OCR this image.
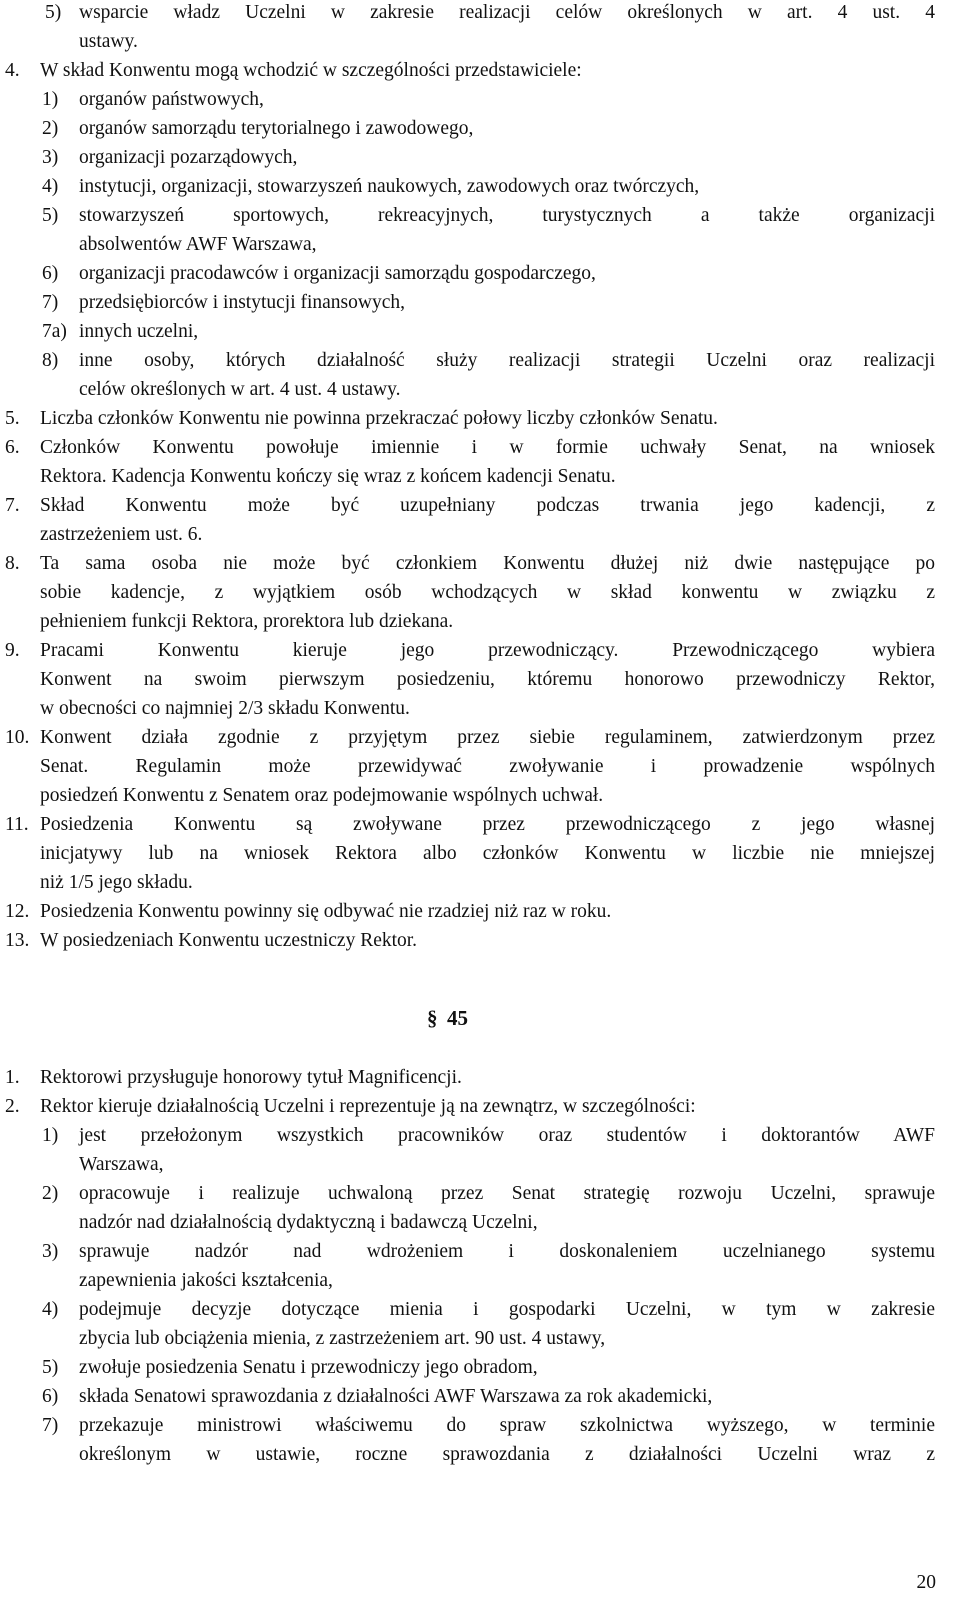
5) wsparcie władz Uczelni w zakresie realizacji celów określonych w art. 4 ust. 4
ustawy.
4. W skład Konwentu mogą wchodzić w szczególności przedstawiciele:
1) organów państwowych,
2) organów samorządu terytorialnego i zawodowego,
3) organizacji pozarządowych,
4) instytucji, organizacji, stowarzyszeń naukowych, zawodowych oraz twórczych,
5) stowarzyszeń sportowych, rekreacyjnych, turystycznych a także organizacji
absolwentów AWF Warszawa,
6) organizacji pracodawców i organizacji samorządu gospodarczego,
7) przedsiębiorców i instytucji finansowych,
7a) innych uczelni,
8) inne osoby, których działalność służy realizacji strategii Uczelni oraz realizacji
celów określonych w art. 4 ust. 4 ustawy.
5. Liczba członków Konwentu nie powinna przekraczać połowy liczby członków Senatu.
6. Członków Konwentu powołuje imiennie i w formie uchwały Senat, na wniosek
Rektora. Kadencja Konwentu kończy się wraz z końcem kadencji Senatu.
7. Skład Konwentu może być uzupełniany podczas trwania jego kadencji, z
zastrzeżeniem ust. 6.
8. Ta sama osoba nie może być członkiem Konwentu dłużej niż dwie następujące po
sobie kadencje, z wyjątkiem osób wchodzących w skład konwentu w związku z
pełnieniem funkcji Rektora, prorektora lub dziekana.
9. Pracami Konwentu kieruje jego przewodniczący. Przewodniczącego wybiera
Konwent na swoim pierwszym posiedzeniu, któremu honorowo przewodniczy Rektor,
w obecności co najmniej 2/3 składu Konwentu.
10. Konwent działa zgodnie z przyjętym przez siebie regulaminem, zatwierdzonym przez
Senat. Regulamin może przewidywać zwoływanie i prowadzenie wspólnych
posiedzeń Konwentu z Senatem oraz podejmowanie wspólnych uchwał.
11. Posiedzenia Konwentu są zwoływane przez przewodniczącego z jego własnej
inicjatywy lub na wniosek Rektora albo członków Konwentu w liczbie nie mniejszej
niż 1/5 jego składu.
12. Posiedzenia Konwentu powinny się odbywać nie rzadziej niż raz w roku.
13. W posiedzeniach Konwentu uczestniczy Rektor.
§ 45
1. Rektorowi przysługuje honorowy tytuł Magnificencji.
2. Rektor kieruje działalnością Uczelni i reprezentuje ją na zewnątrz, w szczególności:
1) jest przełożonym wszystkich pracowników oraz studentów i doktorantów AWF
Warszawa,
2) opracowuje i realizuje uchwaloną przez Senat strategię rozwoju Uczelni, sprawuje
nadzór nad działalnością dydaktyczną i badawczą Uczelni,
3) sprawuje nadzór nad wdrożeniem i doskonaleniem uczelnianego systemu
zapewnienia jakości kształcenia,
4) podejmuje decyzje dotyczące mienia i gospodarki Uczelni, w tym w zakresie
zbycia lub obciążenia mienia, z zastrzeżeniem art. 90 ust. 4 ustawy,
5) zwołuje posiedzenia Senatu i przewodniczy jego obradom,
6) składa Senatowi sprawozdania z działalności AWF Warszawa za rok akademicki,
7) przekazuje ministrowi właściwemu do spraw szkolnictwa wyższego, w terminie
określonym w ustawie, roczne sprawozdania z działalności Uczelni wraz z
20
